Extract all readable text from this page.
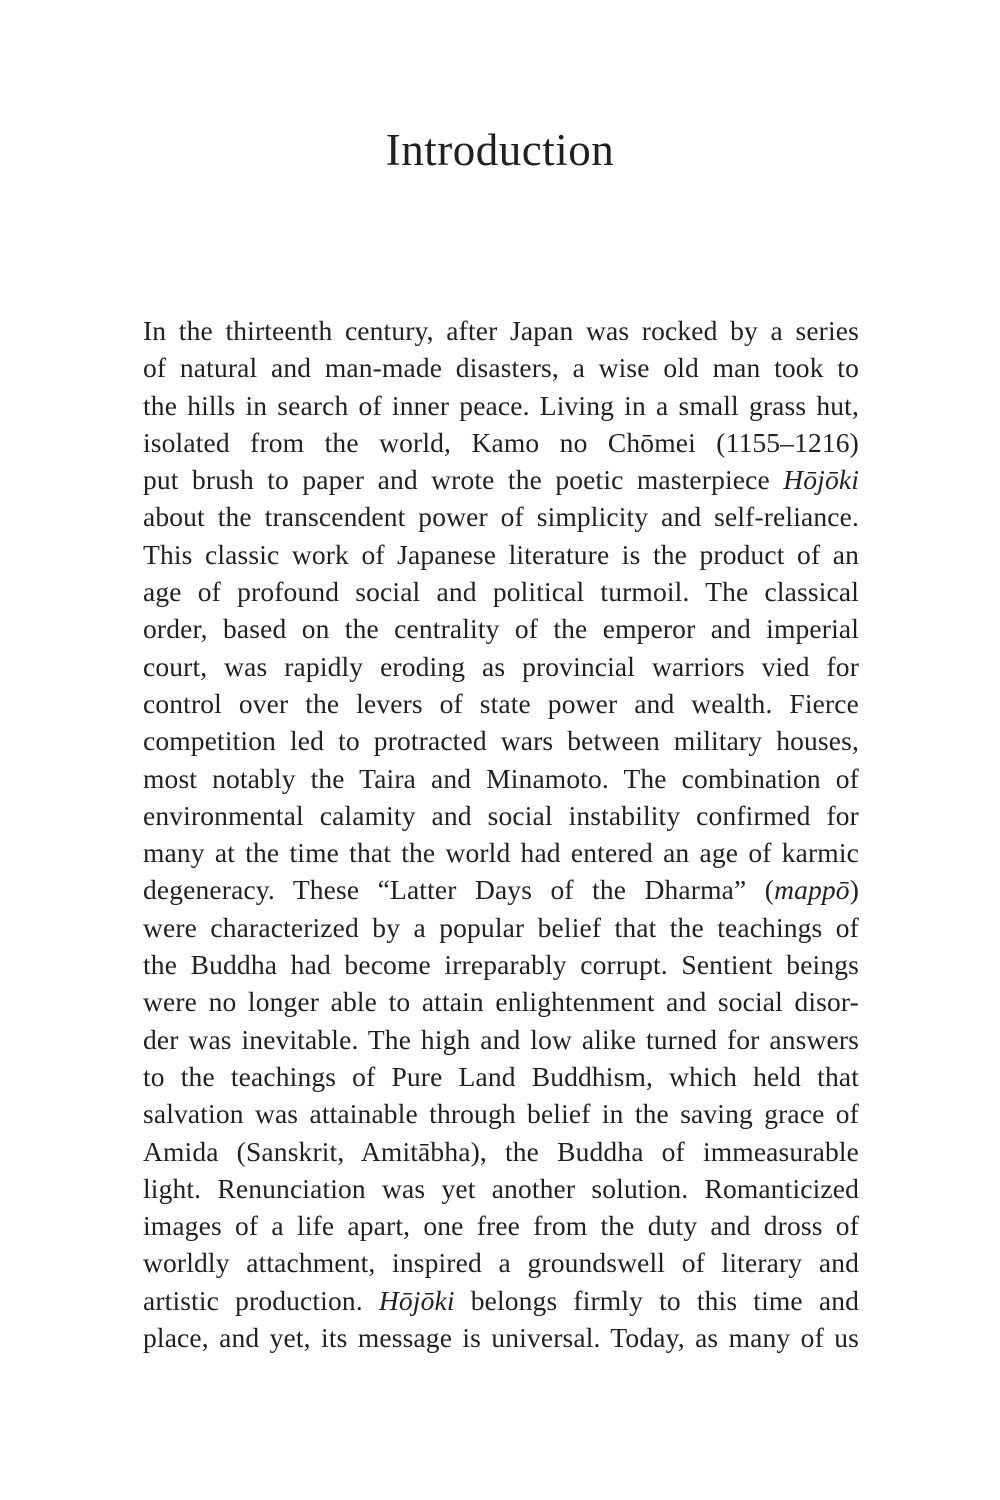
Introduction
In the thirteenth century, after Japan was rocked by a series
of natural and man-made disasters, a wise old man took to
the hills in search of inner peace. Living in a small grass hut,
isolated from the world, Kamo no Chōmei (1155–1216)
put brush to paper and wrote the poetic masterpiece Hōjōki
about the transcendent power of simplicity and self-reliance.
This classic work of Japanese literature is the product of an
age of profound social and political turmoil. The classical
order, based on the centrality of the emperor and imperial
court, was rapidly eroding as provincial warriors vied for
control over the levers of state power and wealth. Fierce
competition led to protracted wars between military houses,
most notably the Taira and Minamoto. The combination of
environmental calamity and social instability confirmed for
many at the time that the world had entered an age of karmic
degeneracy. These “Latter Days of the Dharma” (mappō)
were characterized by a popular belief that the teachings of
the Buddha had become irreparably corrupt. Sentient beings
were no longer able to attain enlightenment and social disor-
der was inevitable. The high and low alike turned for answers
to the teachings of Pure Land Buddhism, which held that
salvation was attainable through belief in the saving grace of
Amida (Sanskrit, Amitābha), the Buddha of immeasurable
light. Renunciation was yet another solution. Romanticized
images of a life apart, one free from the duty and dross of
worldly attachment, inspired a groundswell of literary and
artistic production. Hōjōki belongs firmly to this time and
place, and yet, its message is universal. Today, as many of us
